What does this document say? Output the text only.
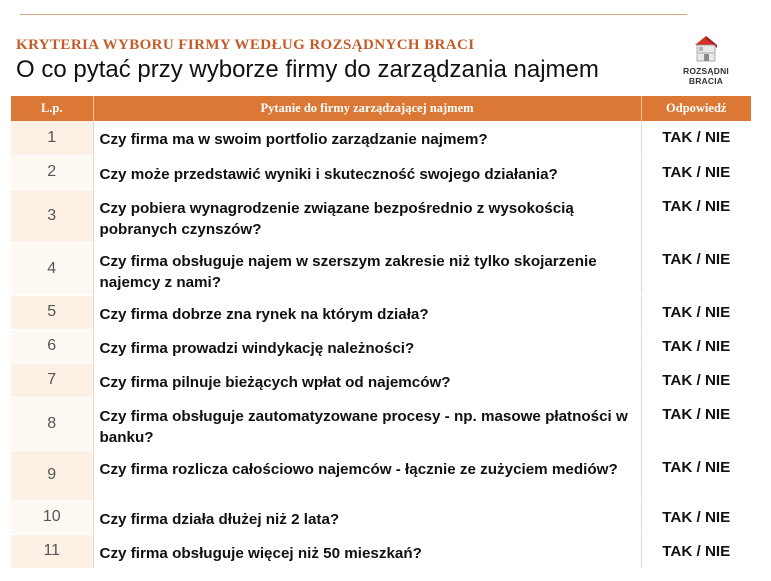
KRYTERIA WYBORU FIRMY WEDŁUG ROZSĄDNYCH BRACI
O co pytać przy wyborze firmy do zarządzania najmem	ROZSĄDNI
BRACIA
L.p.	Pytanie do firmy zarządzającej najmem	Odpowiedź
1	Czy firma ma w swoim portfolio zarządzanie najmem?	TAK / NIE
2	Czy może przedstawić wyniki i skuteczność swojego działania?	TAK / NIE
3	Czy pobiera wynagrodzenie związane bezpośrednio z wysokością pobranych czynszów?	TAK / NIE
4	Czy firma obsługuje najem w szerszym zakresie niż tylko skojarzenie najemcy z nami?	TAK / NIE
5	Czy firma dobrze zna rynek na którym działa?	TAK / NIE
6	Czy firma prowadzi windykację należności?	TAK / NIE
7	Czy firma pilnuje bieżących wpłat od najemców?	TAK / NIE
8	Czy firma obsługuje zautomatyzowane procesy - np. masowe płatności w banku?	TAK / NIE
9	Czy firma rozlicza całościowo najemców - łącznie ze zużyciem mediów?	TAK / NIE
10	Czy firma działa dłużej niż 2 lata?	TAK / NIE
11	Czy firma obsługuje więcej niż 50 mieszkań?	TAK / NIE
